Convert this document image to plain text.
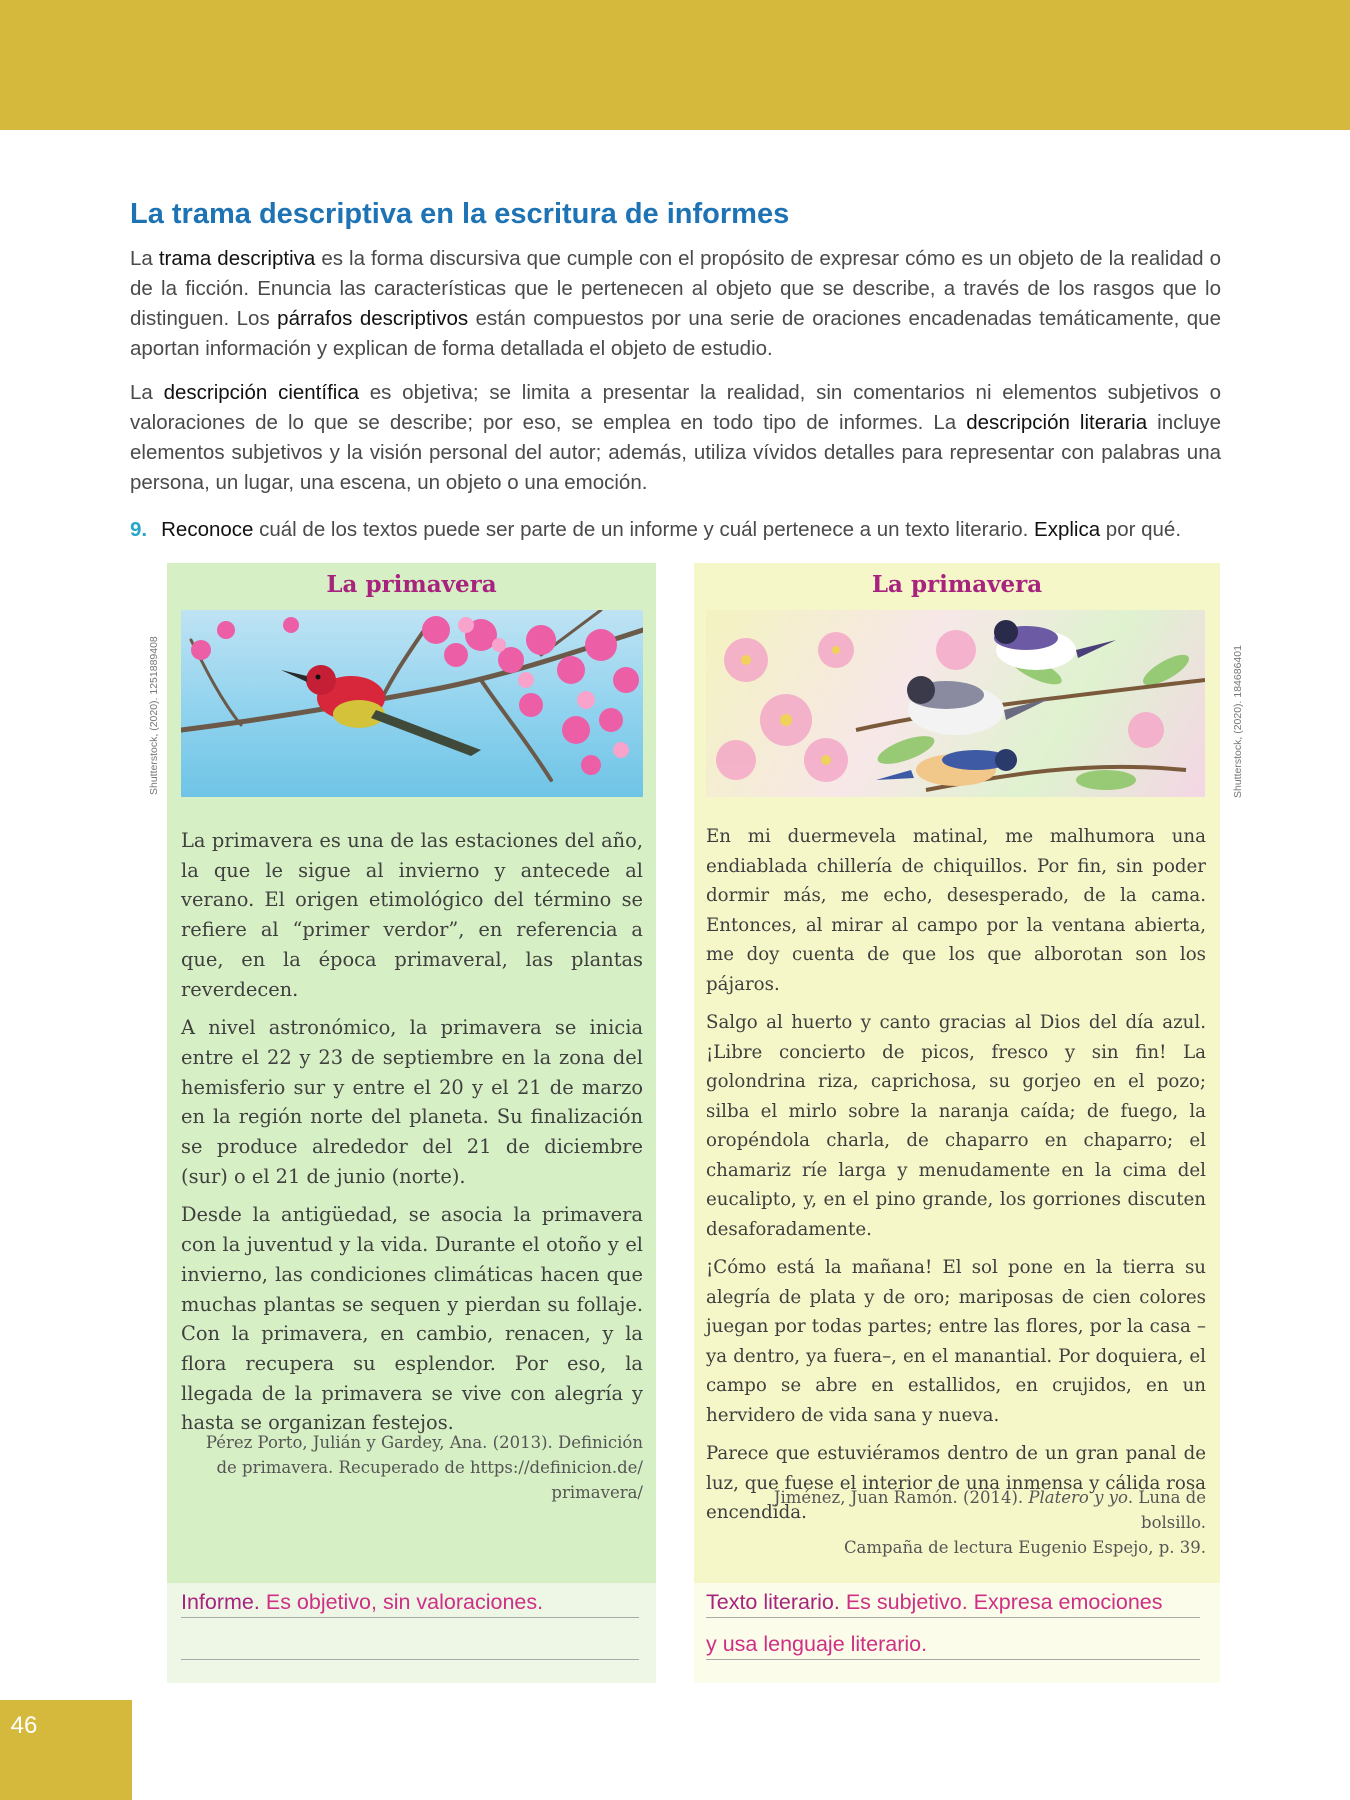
46
La trama descriptiva en la escritura de informes

La trama descriptiva es la forma discursiva que cumple con el propósito de expresar cómo es un objeto de la realidad o de la ficción. Enuncia las características que le pertenecen al objeto que se describe, a través de los rasgos que lo distinguen. Los párrafos descriptivos están compuestos por una serie de oraciones encadenadas temáticamente, que aportan información y explican de forma detallada el objeto de estudio.

La descripción científica es objetiva; se limita a presentar la realidad, sin comentarios ni elementos subjetivos o valoraciones de lo que se describe; por eso, se emplea en todo tipo de informes. La descripción literaria incluye elementos subjetivos y la visión personal del autor; además, utiliza vívidos detalles para representar con palabras una persona, un lugar, una escena, un objeto o una emoción.

9. Reconoce cuál de los textos puede ser parte de un informe y cuál pertenece a un texto literario. Explica por qué.
La primavera	La primavera
Shutterstock, (2020). 1251889408	Shutterstock, (2020). 184686401

La primavera es una de las estaciones del año, la que le sigue al invierno y antecede al verano. El origen etimológico del término se refiere al “primer verdor”, en referencia a que, en la época primaveral, las plantas reverdecen.

A nivel astronómico, la primavera se inicia entre el 22 y 23 de septiembre en la zona del hemisferio sur y entre el 20 y el 21 de marzo en la región norte del planeta. Su finalización se produce alrededor del 21 de diciembre (sur) o el 21 de junio (norte).

Desde la antigüedad, se asocia la primavera con la juventud y la vida. Durante el otoño y el invierno, las condiciones climáticas hacen que muchas plantas se sequen y pierdan su follaje. Con la primavera, en cambio, renacen, y la flora recupera su esplendor. Por eso, la llegada de la primavera se vive con alegría y hasta se organizan festejos.

En mi duermevela matinal, me malhumora una endiablada chillería de chiquillos. Por fin, sin poder dormir más, me echo, desesperado, de la cama. Entonces, al mirar al campo por la ventana abierta, me doy cuenta de que los que alborotan son los pájaros.

Salgo al huerto y canto gracias al Dios del día azul. ¡Libre concierto de picos, fresco y sin fin! La golondrina riza, caprichosa, su gorjeo en el pozo; silba el mirlo sobre la naranja caída; de fuego, la oropéndola charla, de chaparro en chaparro; el chamariz ríe larga y menudamente en la cima del eucalipto, y, en el pino grande, los gorriones discuten desaforadamente.

¡Cómo está la mañana! El sol pone en la tierra su alegría de plata y de oro; mariposas de cien colores juegan por todas partes; entre las flores, por la casa –ya dentro, ya fuera–, en el manantial. Por doquiera, el campo se abre en estallidos, en crujidos, en un hervidero de vida sana y nueva.

Parece que estuviéramos dentro de un gran panal de luz, que fuese el interior de una inmensa y cálida rosa encendida.

Pérez Porto, Julián y Gardey, Ana. (2013). Definición
de primavera. Recuperado de https://definicion.de/
primavera/	Jiménez, Juan Ramón. (2014). Platero y yo. Luna de bolsillo.
Campaña de lectura Eugenio Espejo, p. 39.
Informe. Es objetivo, sin valoraciones.	Texto literario. Es subjetivo. Expresa emociones
y usa lenguaje literario.
